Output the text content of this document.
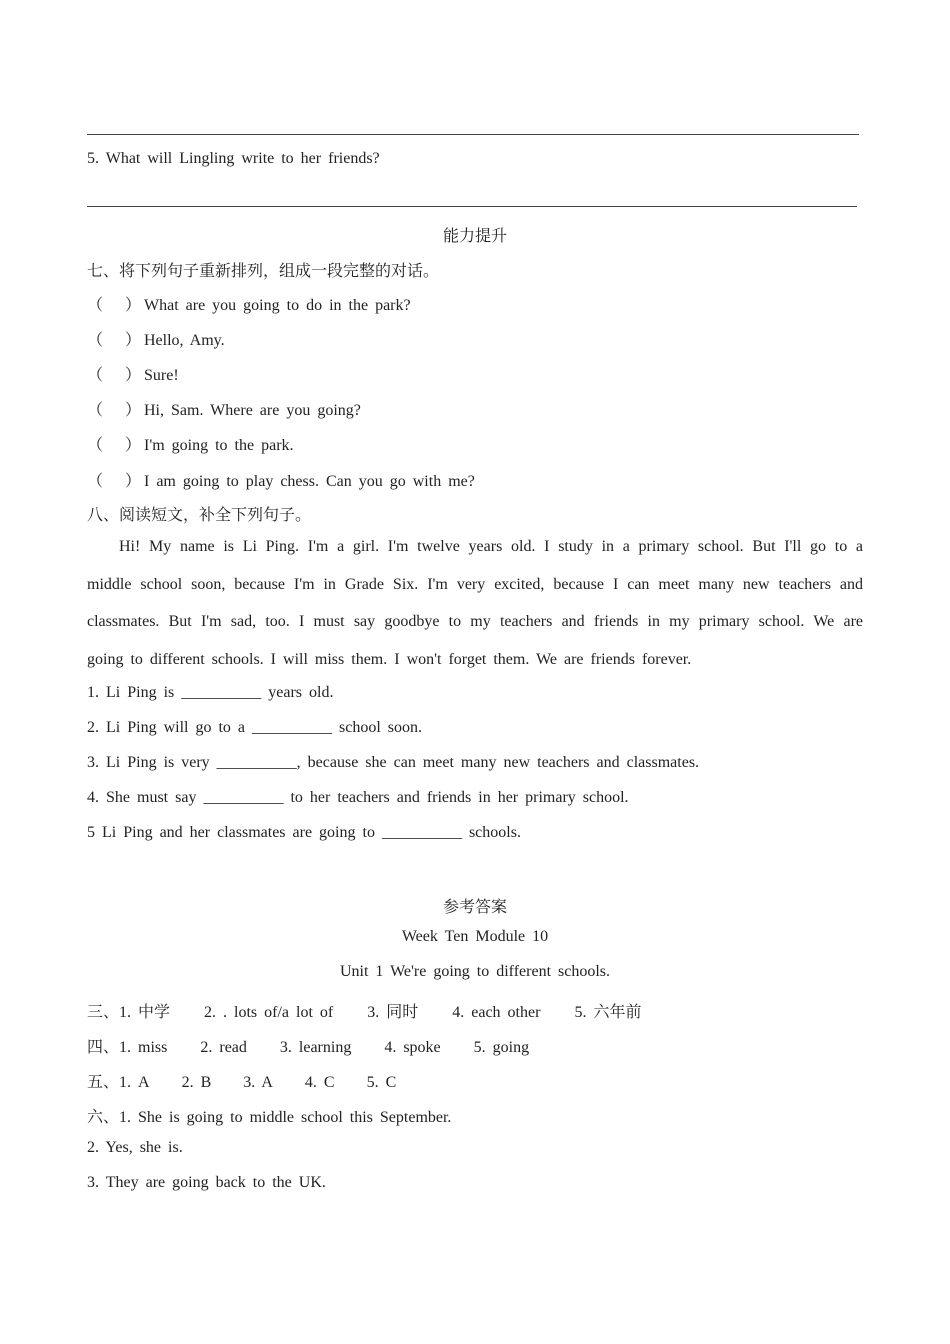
5. What will Lingling write to her friends?
能力提升
七、将下列句子重新排列，组成一段完整的对话。
（ ） What are you going to do in the park?
（ ） Hello, Amy.
（ ） Sure!
（ ） Hi, Sam. Where are you going?
（ ） I'm going to the park.
（ ） I am going to play chess. Can you go with me?
八、阅读短文，补全下列句子。
Hi! My name is Li Ping. I'm a girl. I'm twelve years old. I study in a primary school. But I'll go to a middle school soon, because I'm in Grade Six. I'm very excited, because I can meet many new teachers and classmates. But I'm sad, too. I must say goodbye to my teachers and friends in my primary school. We are going to different schools. I will miss them. I won't forget them. We are friends forever.
1. Li Ping is __________ years old.
2. Li Ping will go to a __________ school soon.
3. Li Ping is very __________, because she can meet many new teachers and classmates.
4. She must say __________ to her teachers and friends in her primary school.
5 Li Ping and her classmates are going to __________ schools.
参考答案
Week Ten Module 10
Unit 1 We're going to different schools.
三、1. 中学 2. . lots of/a lot of 3. 同时 4. each other 5. 六年前
四、1. miss 2. read 3. learning 4. spoke 5. going
五、1. A 2. B 3. A 4. C 5. C
六、1. She is going to middle school this September.
2. Yes, she is.
3. They are going back to the UK.
